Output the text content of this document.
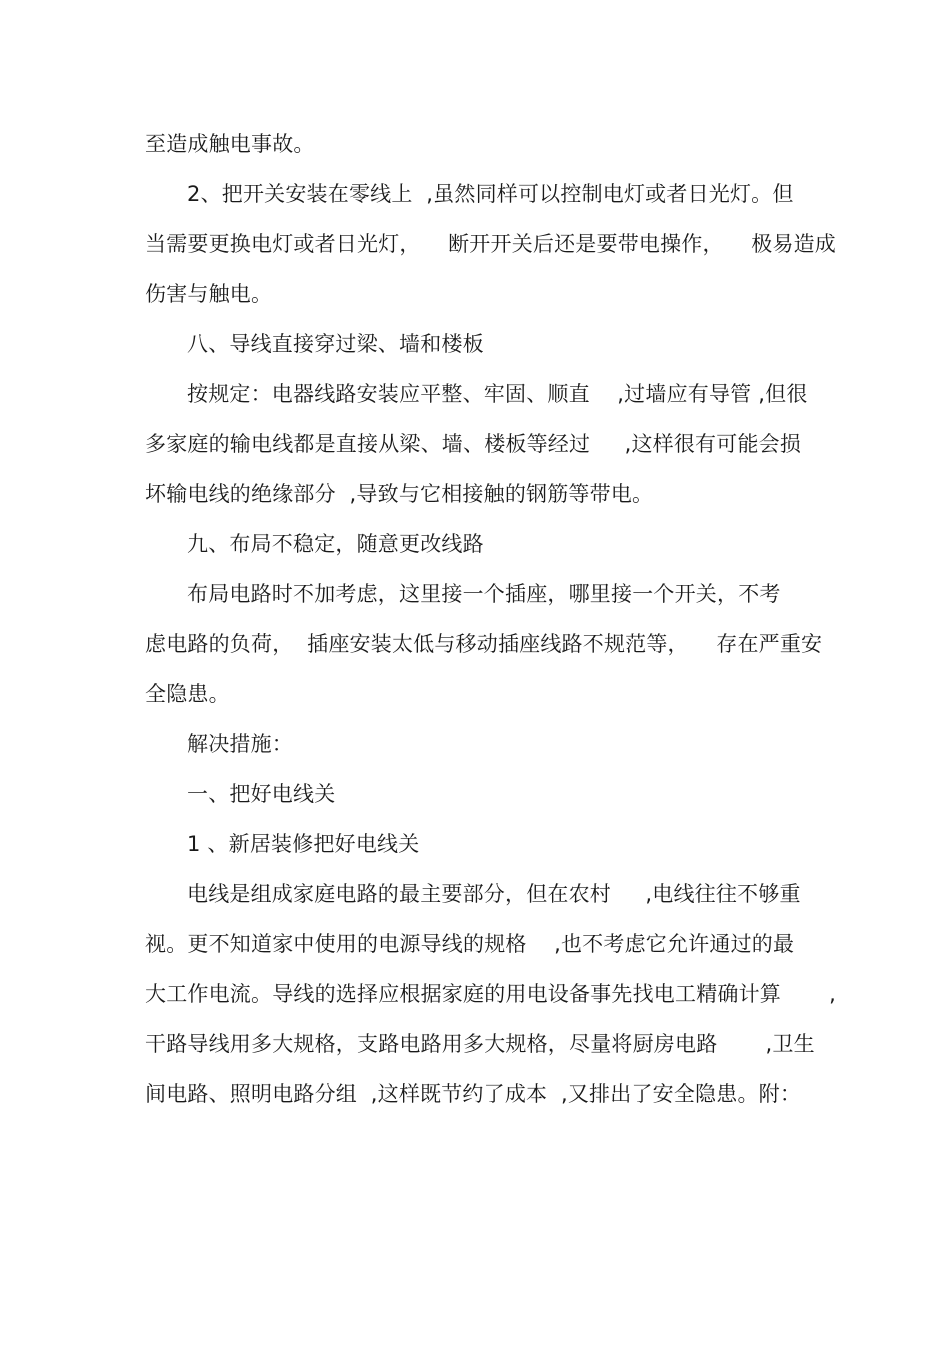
至造成触电事故。
2、把开关安装在零线上  ,虽然同样可以控制电灯或者日光灯。但
当需要更换电灯或者日光灯，    断开开关后还是要带电操作，    极易造成
伤害与触电。
八、导线直接穿过梁、墙和楼板
按规定：电器线路安装应平整、牢固、顺直    ,过墙应有导管 ,但很
多家庭的输电线都是直接从梁、墙、楼板等经过     ,这样很有可能会损
坏输电线的绝缘部分  ,导致与它相接触的钢筋等带电。
九、布局不稳定，随意更改线路
布局电路时不加考虑，这里接一个插座，哪里接一个开关，不考
虑电路的负荷，  插座安装太低与移动插座线路不规范等，    存在严重安
全隐患。
解决措施：
一、把好电线关
1 、新居装修把好电线关
电线是组成家庭电路的最主要部分，但在农村     ,电线往往不够重
视。更不知道家中使用的电源导线的规格    ,也不考虑它允许通过的最
大工作电流。导线的选择应根据家庭的用电设备事先找电工精确计算       ,
干路导线用多大规格，支路电路用多大规格，尽量将厨房电路       ,卫生
间电路、照明电路分组  ,这样既节约了成本  ,又排出了安全隐患。附：
